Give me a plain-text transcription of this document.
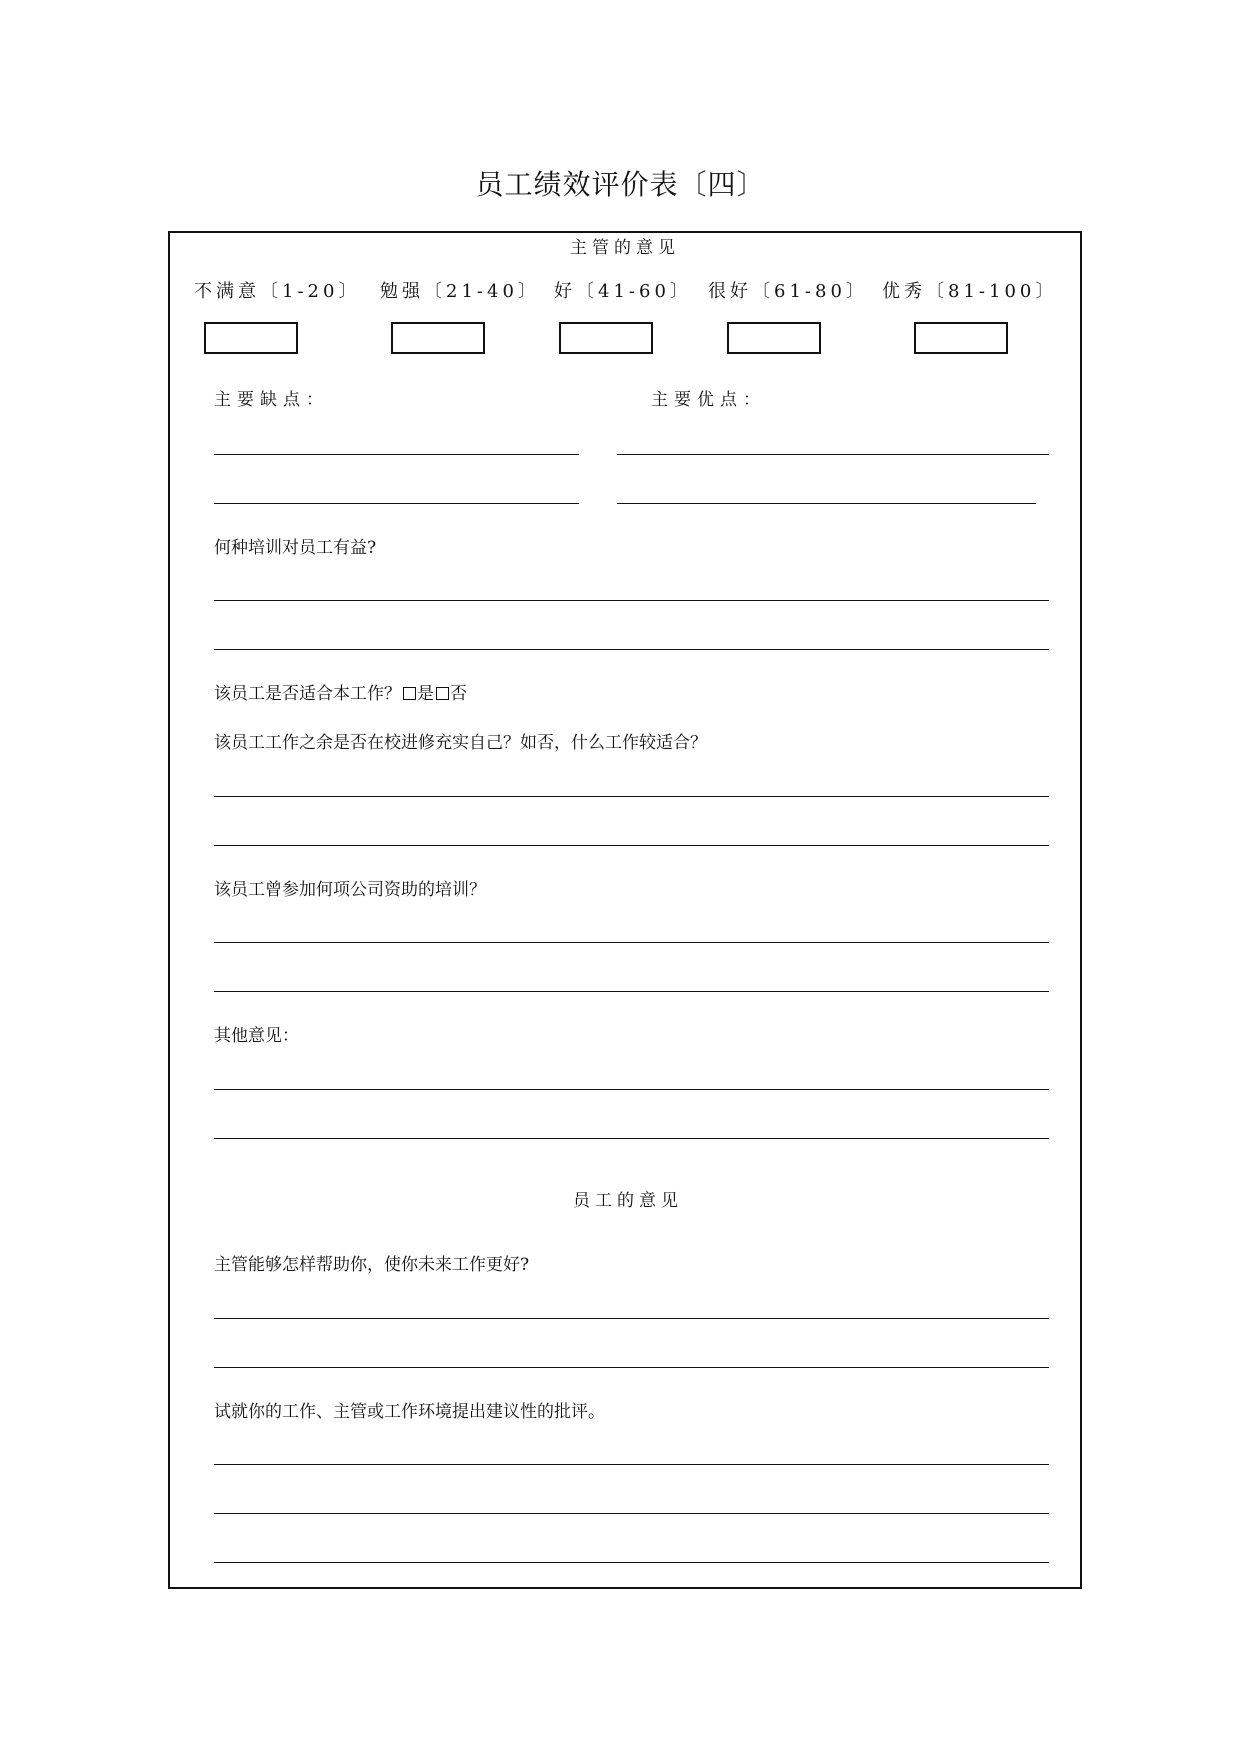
员工绩效评价表〔四〕
主管的意见
不满意〔1-20〕 勉强〔21-40〕 好〔41-60〕 很好〔61-80〕 优秀〔81-100〕
主要缺点：	主要优点：
何种培训对员工有益?
该员工是否适合本工作？ 是 否
该员工工作之余是否在校进修充实自己？如否，什么工作较适合？
该员工曾参加何项公司资助的培训？
其他意见：
员工的意见
主管能够怎样帮助你，使你未来工作更好?
试就你的工作、主管或工作环境提出建议性的批评。
